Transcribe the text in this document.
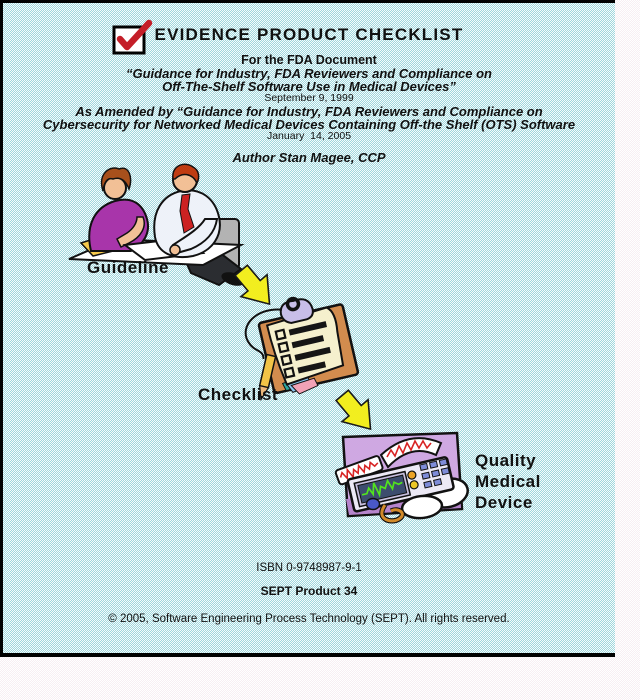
EVIDENCE PRODUCT CHECKLIST
For the FDA Document
“Guidance for Industry, FDA Reviewers and Compliance on
Off-The-Shelf Software Use in Medical Devices”
September 9, 1999
As Amended by “Guidance for Industry, FDA Reviewers and Compliance on
Cybersecurity for Networked Medical Devices Containing Off-the Shelf (OTS) Software
January  14, 2005
Author Stan Magee, CCP
Guideline
Checklist
Quality
Medical
Device
ISBN 0-9748987-9-1
SEPT Product 34
© 2005, Software Engineering Process Technology (SEPT). All rights reserved.
